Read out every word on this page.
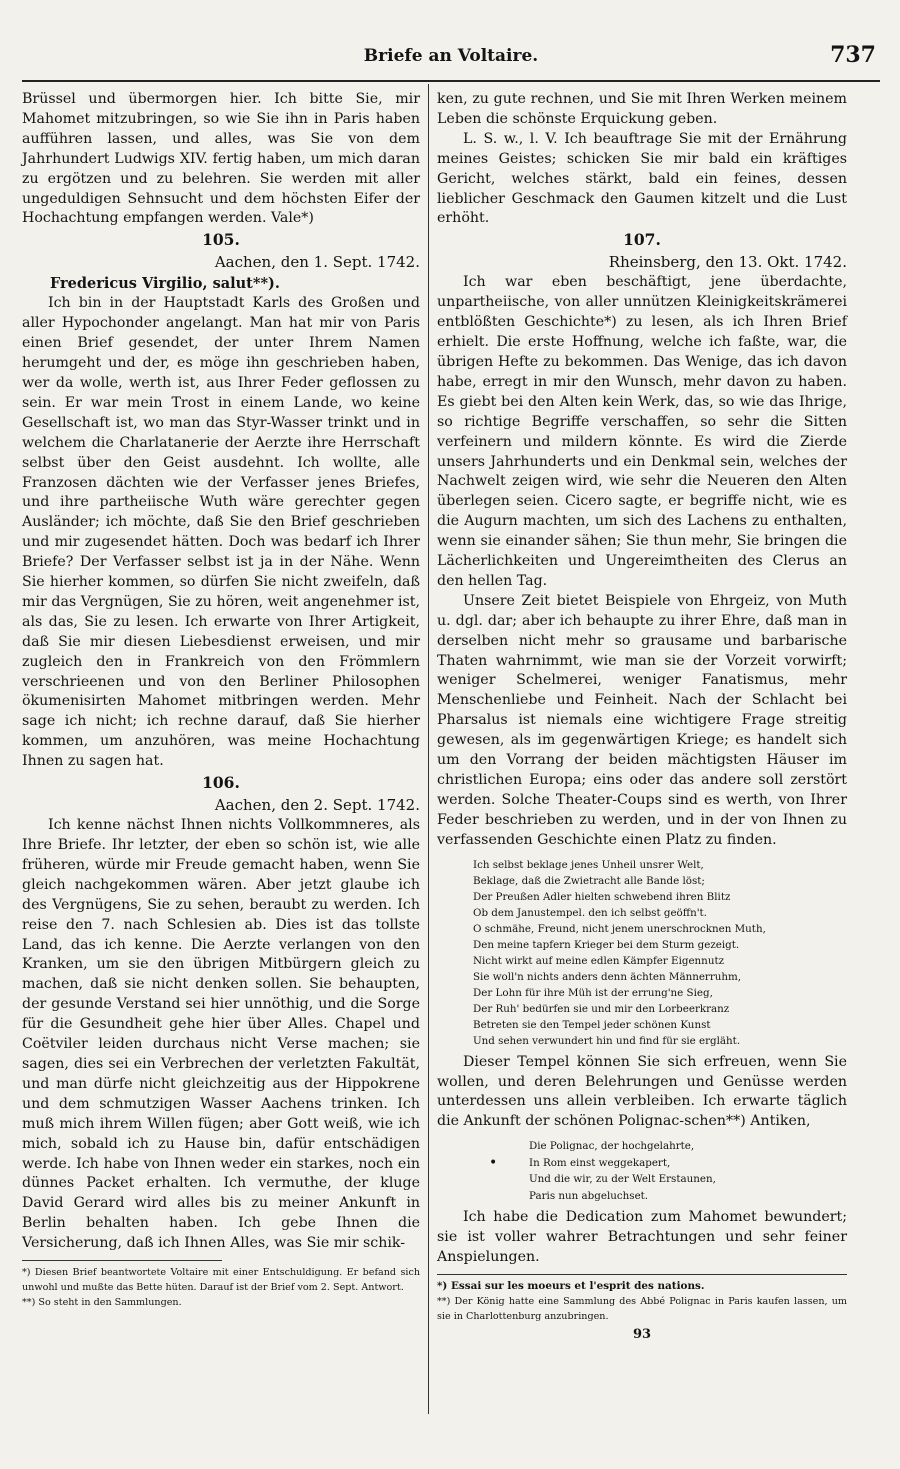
Briefe an Voltaire.	737

Brüssel und übermorgen hier. Ich bitte Sie, mir Mahomet mitzubringen, so wie Sie ihn in Paris haben aufführen lassen, und alles, was Sie von dem Jahrhundert Ludwigs XIV. fertig haben, um mich daran zu ergötzen und zu belehren. Sie werden mit aller ungeduldigen Sehnsucht und dem höchsten Eifer der Hochachtung empfangen werden. Vale*)

105.
Aachen, den 1. Sept. 1742.
Fredericus Virgilio, salut**).

Ich bin in der Hauptstadt Karls des Großen und aller Hypochonder angelangt. Man hat mir von Paris einen Brief gesendet, der unter Ihrem Namen herumgeht und der, es möge ihn geschrieben haben, wer da wolle, werth ist, aus Ihrer Feder geflossen zu sein. Er war mein Trost in einem Lande, wo keine Gesellschaft ist, wo man das Styr-Wasser trinkt und in welchem die Charlatanerie der Aerzte ihre Herrschaft selbst über den Geist ausdehnt. Ich wollte, alle Franzosen dächten wie der Verfasser jenes Briefes, und ihre partheiische Wuth wäre gerechter gegen Ausländer; ich möchte, daß Sie den Brief geschrieben und mir zugesendet hätten. Doch was bedarf ich Ihrer Briefe? Der Verfasser selbst ist ja in der Nähe. Wenn Sie hierher kommen, so dürfen Sie nicht zweifeln, daß mir das Vergnügen, Sie zu hören, weit angenehmer ist, als das, Sie zu lesen. Ich erwarte von Ihrer Artigkeit, daß Sie mir diesen Liebesdienst erweisen, und mir zugleich den in Frankreich von den Frömmlern verschrieenen und von den Berliner Philosophen ökumenisirten Mahomet mitbringen werden. Mehr sage ich nicht; ich rechne darauf, daß Sie hierher kommen, um anzuhören, was meine Hochachtung Ihnen zu sagen hat.

106.
Aachen, den 2. Sept. 1742.

Ich kenne nächst Ihnen nichts Vollkommneres, als Ihre Briefe. Ihr letzter, der eben so schön ist, wie alle früheren, würde mir Freude gemacht haben, wenn Sie gleich nachgekommen wären. Aber jetzt glaube ich des Vergnügens, Sie zu sehen, beraubt zu werden. Ich reise den 7. nach Schlesien ab. Dies ist das tollste Land, das ich kenne. Die Aerzte verlangen von den Kranken, um sie den übrigen Mitbürgern gleich zu machen, daß sie nicht denken sollen. Sie behaupten, der gesunde Verstand sei hier unnöthig, und die Sorge für die Gesundheit gehe hier über Alles. Chapel und Coëtviler leiden durchaus nicht Verse machen; sie sagen, dies sei ein Verbrechen der verletzten Fakultät, und man dürfe nicht gleichzeitig aus der Hippokrene und dem schmutzigen Wasser Aachens trinken. Ich muß mich ihrem Willen fügen; aber Gott weiß, wie ich mich, sobald ich zu Hause bin, dafür entschädigen werde. Ich habe von Ihnen weder ein starkes, noch ein dünnes Packet erhalten. Ich vermuthe, der kluge David Gerard wird alles bis zu meiner Ankunft in Berlin behalten haben. Ich gebe Ihnen die Versicherung, daß ich Ihnen Alles, was Sie mir schik-

*) Diesen Brief beantwortete Voltaire mit einer Entschuldigung. Er befand sich unwohl und mußte das Bette hüten. Darauf ist der Brief vom 2. Sept. Antwort.

**) So steht in den Sammlungen.

ken, zu gute rechnen, und Sie mit Ihren Werken meinem Leben die schönste Erquickung geben.

L. S. w., l. V. Ich beauftrage Sie mit der Ernährung meines Geistes; schicken Sie mir bald ein kräftiges Gericht, welches stärkt, bald ein feines, dessen lieblicher Geschmack den Gaumen kitzelt und die Lust erhöht.

107.
Rheinsberg, den 13. Okt. 1742.

Ich war eben beschäftigt, jene überdachte, unpartheiische, von aller unnützen Kleinigkeitskrämerei entblößten Geschichte*) zu lesen, als ich Ihren Brief erhielt. Die erste Hoffnung, welche ich faßte, war, die übrigen Hefte zu bekommen. Das Wenige, das ich davon habe, erregt in mir den Wunsch, mehr davon zu haben. Es giebt bei den Alten kein Werk, das, so wie das Ihrige, so richtige Begriffe verschaffen, so sehr die Sitten verfeinern und mildern könnte. Es wird die Zierde unsers Jahrhunderts und ein Denkmal sein, welches der Nachwelt zeigen wird, wie sehr die Neueren den Alten überlegen seien. Cicero sagte, er begriffe nicht, wie es die Augurn machten, um sich des Lachens zu enthalten, wenn sie einander sähen; Sie thun mehr, Sie bringen die Lächerlichkeiten und Ungereimtheiten des Clerus an den hellen Tag.

Unsere Zeit bietet Beispiele von Ehrgeiz, von Muth u. dgl. dar; aber ich behaupte zu ihrer Ehre, daß man in derselben nicht mehr so grausame und barbarische Thaten wahrnimmt, wie man sie der Vorzeit vorwirft; weniger Schelmerei, weniger Fanatismus, mehr Menschenliebe und Feinheit. Nach der Schlacht bei Pharsalus ist niemals eine wichtigere Frage streitig gewesen, als im gegenwärtigen Kriege; es handelt sich um den Vorrang der beiden mächtigsten Häuser im christlichen Europa; eins oder das andere soll zerstört werden. Solche Theater-Coups sind es werth, von Ihrer Feder beschrieben zu werden, und in der von Ihnen zu verfassenden Geschichte einen Platz zu finden.

Ich selbst beklage jenes Unheil unsrer Welt,
Beklage, daß die Zwietracht alle Bande löst;
Der Preußen Adler hielten schwebend ihren Blitz
Ob dem Janustempel. den ich selbst geöffn't.
O schmähe, Freund, nicht jenem unerschrocknen Muth,
Den meine tapfern Krieger bei dem Sturm gezeigt.
Nicht wirkt auf meine edlen Kämpfer Eigennutz
Sie woll'n nichts anders denn ächten Männerruhm,
Der Lohn für ihre Müh ist der errung'ne Sieg,
Der Ruh' bedürfen sie und mir den Lorbeerkranz
Betreten sie den Tempel jeder schönen Kunst
Und sehen verwundert hin und find für sie ergläht.

Dieser Tempel können Sie sich erfreuen, wenn Sie wollen, und deren Belehrungen und Genüsse werden unterdessen uns allein verbleiben. Ich erwarte täglich die Ankunft der schönen Polignac-schen**) Antiken,

•
Die Polignac, der hochgelahrte,
In Rom einst weggekapert,
Und die wir, zu der Welt Erstaunen,
Paris nun abgeluchset.

Ich habe die Dedication zum Mahomet bewundert; sie ist voller wahrer Betrachtungen und sehr feiner Anspielungen.

*) Essai sur les moeurs et l'esprit des nations.

**) Der König hatte eine Sammlung des Abbé Polignac in Paris kaufen lassen, um sie in Charlottenburg anzubringen.

93
